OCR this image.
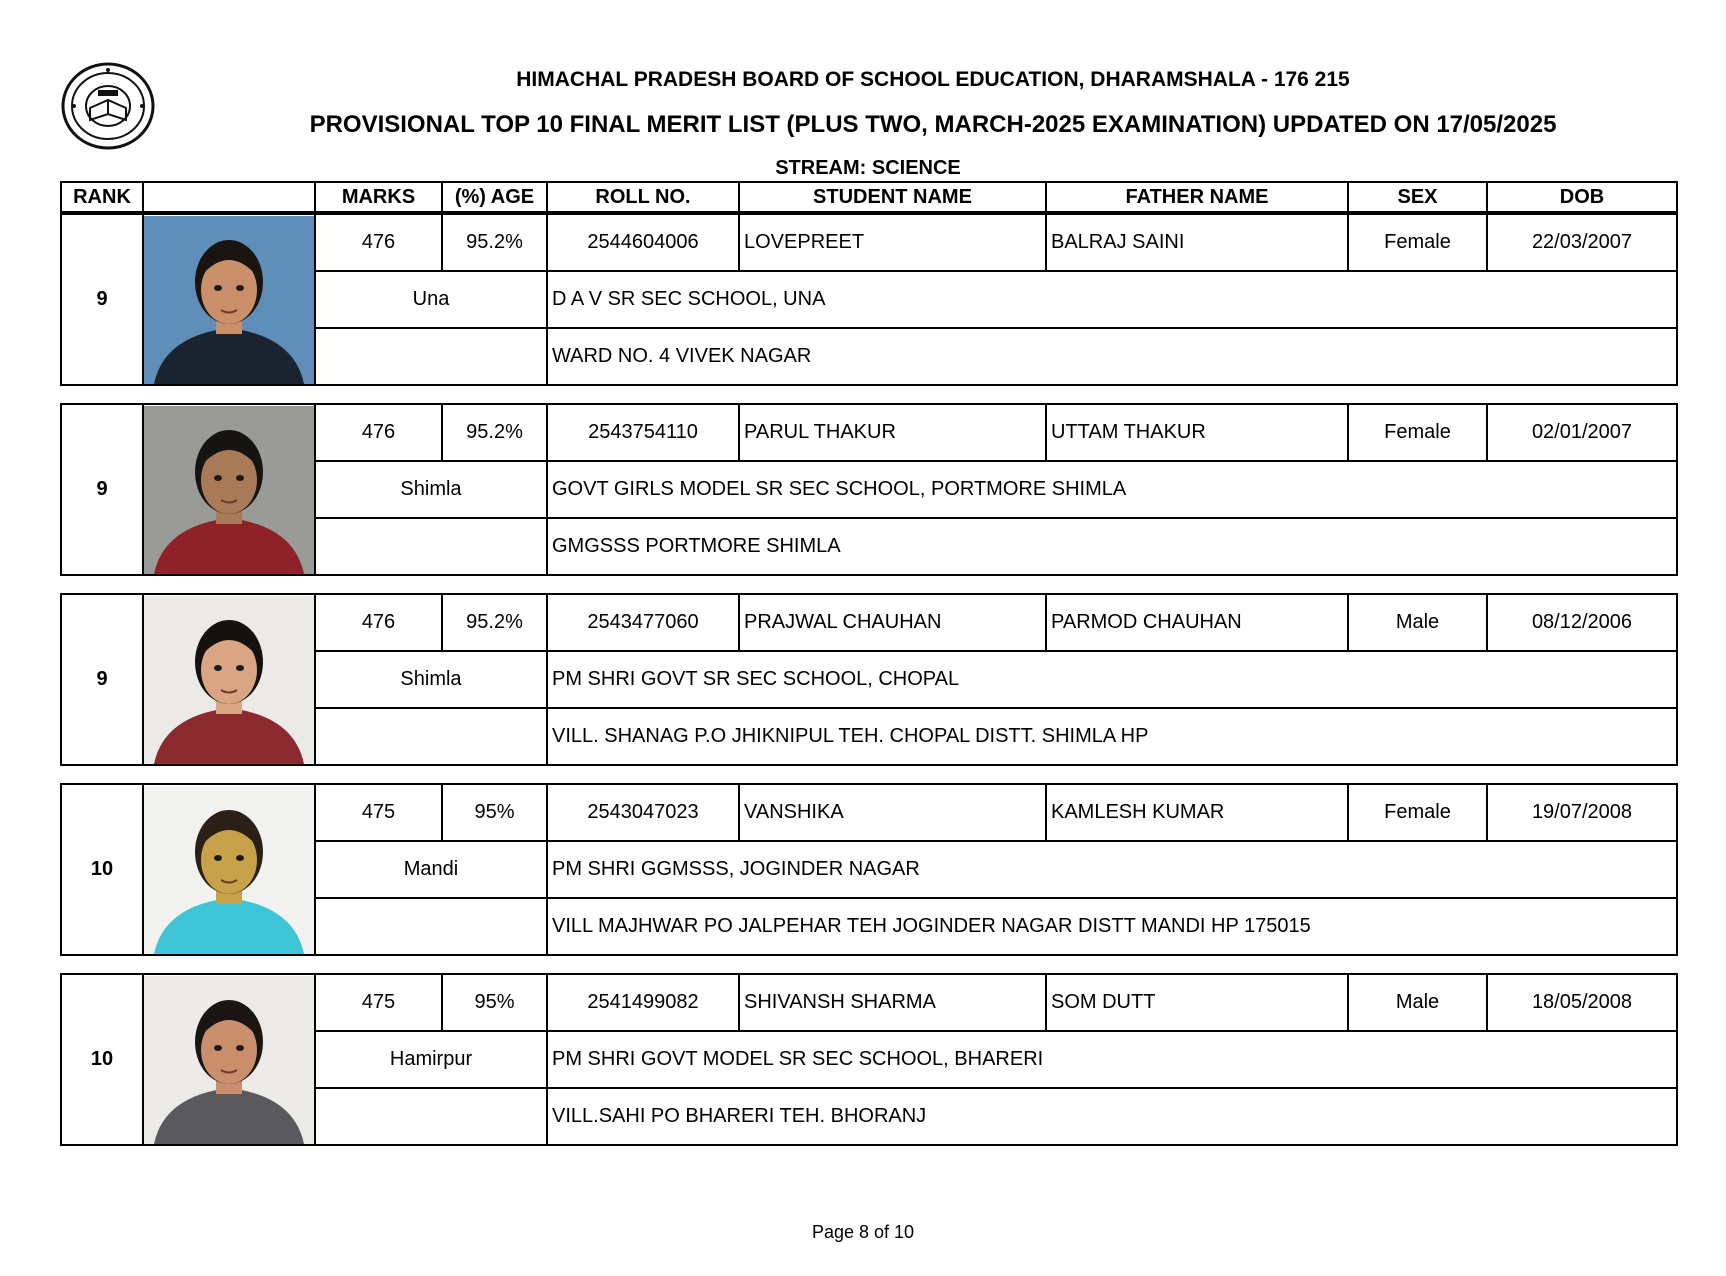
HIMACHAL PRADESH BOARD OF SCHOOL EDUCATION, DHARAMSHALA - 176 215
PROVISIONAL TOP 10 FINAL MERIT LIST (PLUS TWO, MARCH-2025 EXAMINATION) UPDATED ON 17/05/2025
STREAM: SCIENCE
RANK		MARKS	(%) AGE	ROLL NO.	STUDENT NAME	FATHER NAME	SEX	DOB
9		476	95.2%	2544604006	LOVEPREET	BALRAJ SAINI	Female	22/03/2007
		Una		D A V SR SEC SCHOOL, UNA				
				WARD NO. 4 VIVEK NAGAR				
9		476	95.2%	2543754110	PARUL THAKUR	UTTAM THAKUR	Female	02/01/2007
		Shimla		GOVT GIRLS MODEL SR SEC SCHOOL, PORTMORE SHIMLA				
				GMGSSS PORTMORE SHIMLA				
9		476	95.2%	2543477060	PRAJWAL CHAUHAN	PARMOD CHAUHAN	Male	08/12/2006
		Shimla		PM SHRI GOVT SR SEC SCHOOL, CHOPAL				
				VILL. SHANAG P.O JHIKNIPUL TEH. CHOPAL DISTT. SHIMLA HP				
10		475	95%	2543047023	VANSHIKA	KAMLESH KUMAR	Female	19/07/2008
		Mandi		PM SHRI GGMSSS, JOGINDER NAGAR				
				VILL MAJHWAR PO JALPEHAR TEH JOGINDER NAGAR DISTT MANDI HP 175015				
10		475	95%	2541499082	SHIVANSH SHARMA	SOM DUTT	Male	18/05/2008
		Hamirpur		PM SHRI GOVT MODEL SR SEC SCHOOL, BHARERI				
				VILL.SAHI PO BHARERI TEH. BHORANJ				
Page 8 of 10
